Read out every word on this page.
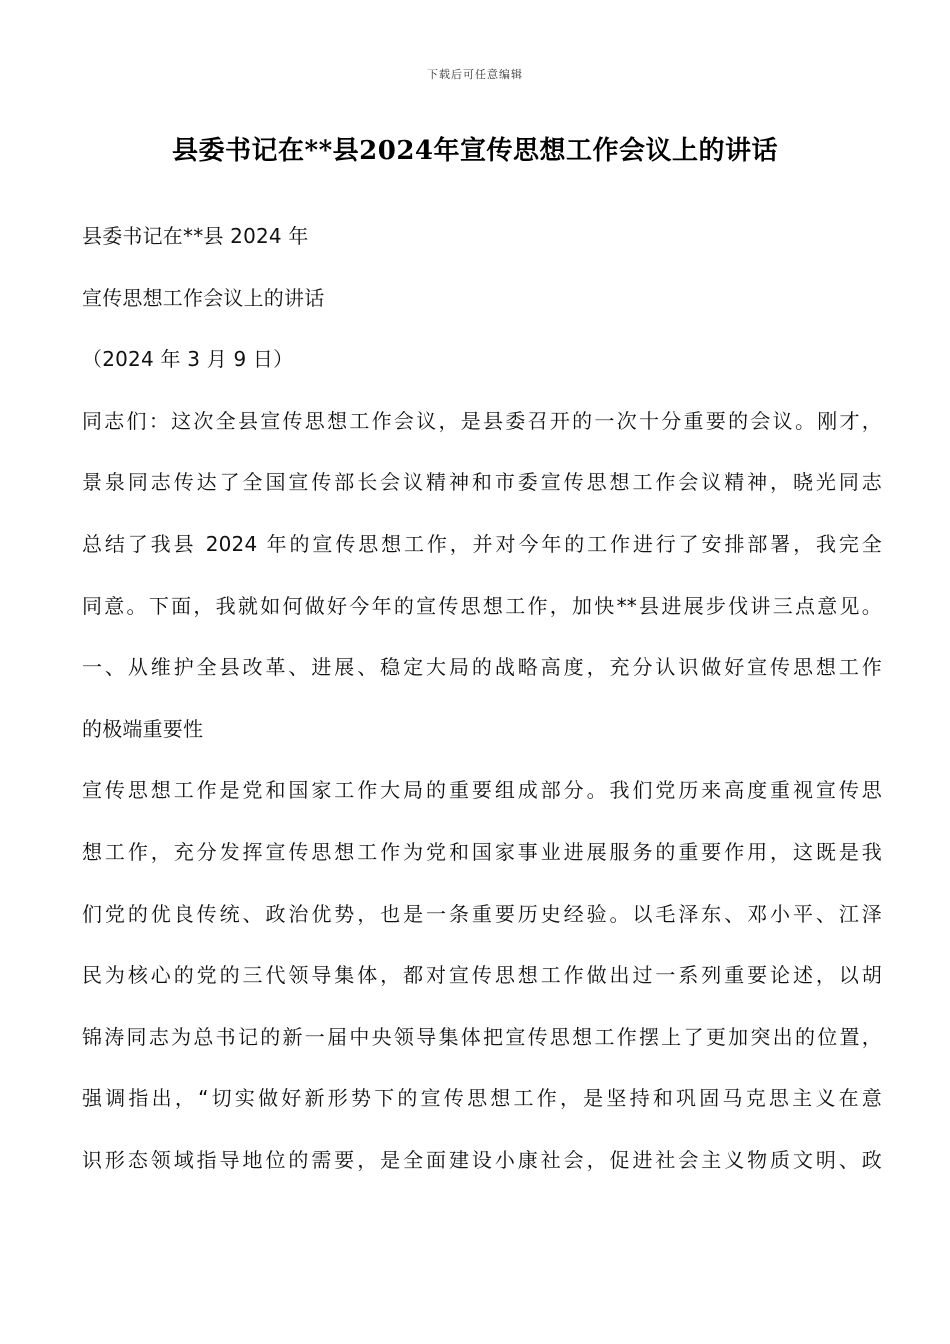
下载后可任意编辑
县委书记在**县2024年宣传思想工作会议上的讲话
县委书记在**县 2024 年
宣传思想工作会议上的讲话
（2024 年 3 月 9 日）
同志们：这次全县宣传思想工作会议，是县委召开的一次十分重要的会议。刚才，
景泉同志传达了全国宣传部长会议精神和市委宣传思想工作会议精神，晓光同志
总结了我县 2024 年的宣传思想工作，并对今年的工作进行了安排部署，我完全
同意。下面，我就如何做好今年的宣传思想工作，加快**县进展步伐讲三点意见。
一、从维护全县改革、进展、稳定大局的战略高度，充分认识做好宣传思想工作
的极端重要性
宣传思想工作是党和国家工作大局的重要组成部分。我们党历来高度重视宣传思
想工作，充分发挥宣传思想工作为党和国家事业进展服务的重要作用，这既是我
们党的优良传统、政治优势，也是一条重要历史经验。以毛泽东、邓小平、江泽
民为核心的党的三代领导集体，都对宣传思想工作做出过一系列重要论述，以胡
锦涛同志为总书记的新一届中央领导集体把宣传思想工作摆上了更加突出的位置，
强调指出，“切实做好新形势下的宣传思想工作，是坚持和巩固马克思主义在意
识形态领域指导地位的需要，是全面建设小康社会，促进社会主义物质文明、政
